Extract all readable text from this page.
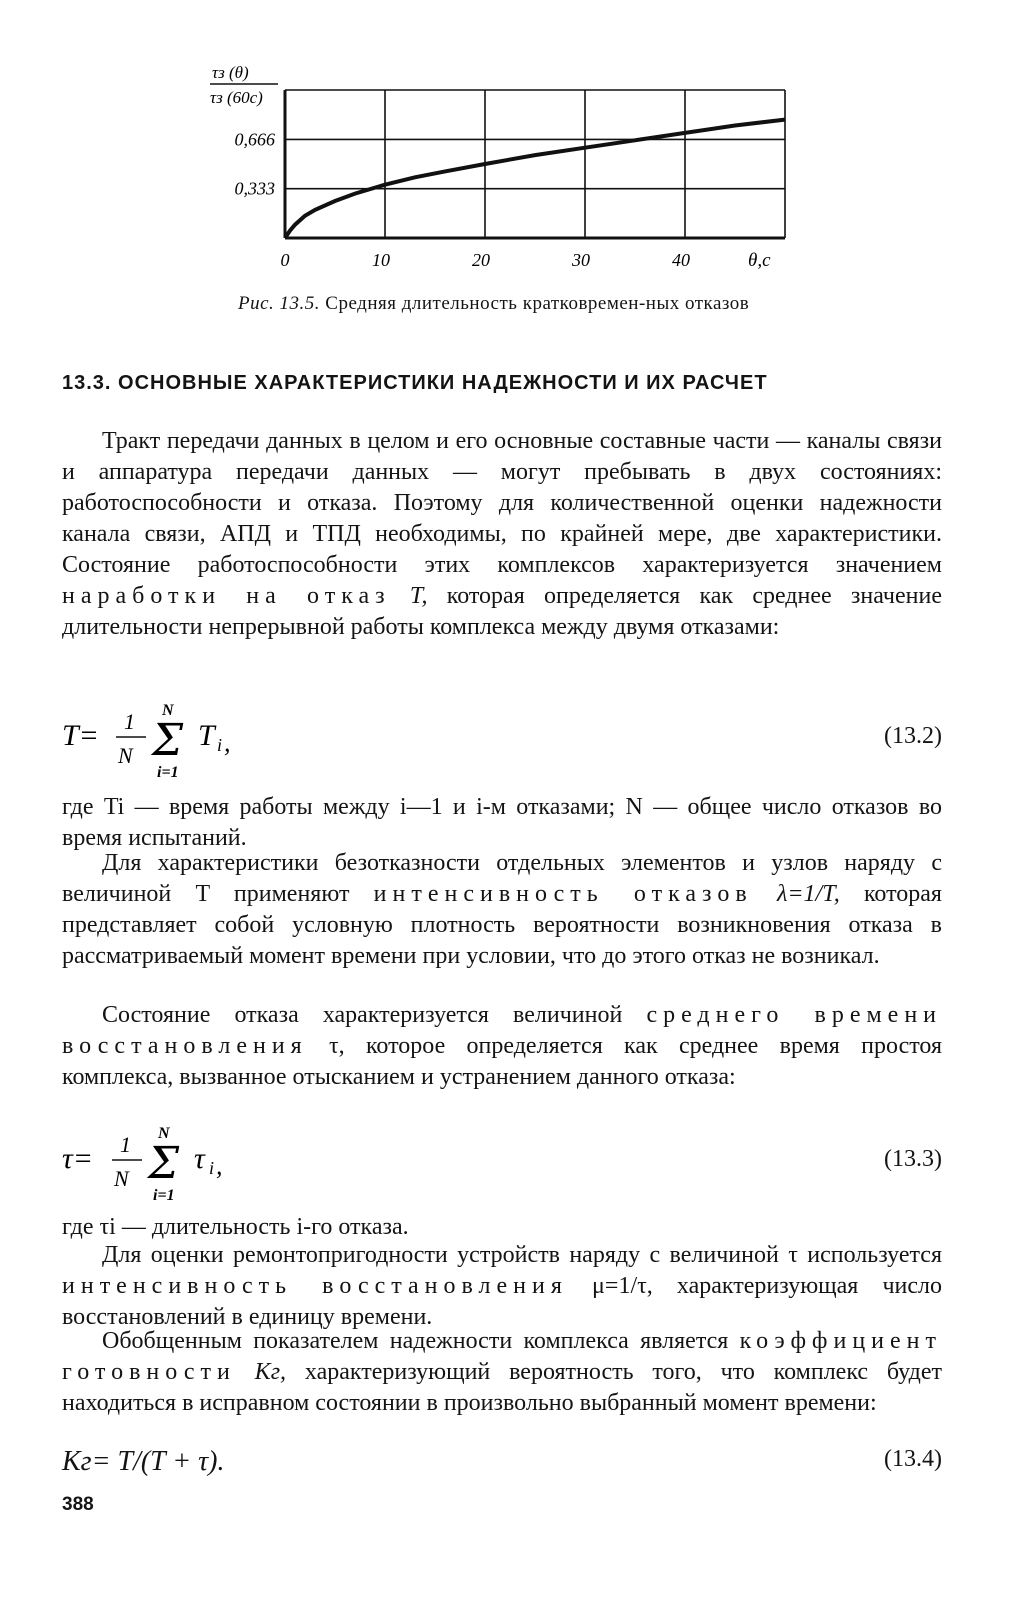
0	10	20	30	40
0,333
0,666
τз (θ)
τз (60с)
θ,с
Рис. 13.5. Средняя длительность кратковремен-ных отказов
13.3. ОСНОВНЫЕ ХАРАКТЕРИСТИКИ НАДЕЖНОСТИ И ИХ РАСЧЕТ

Тракт передачи данных в целом и его основные составные части — каналы связи и аппаратура передачи данных — могут пребывать в двух состояниях: работоспособности и отказа. Поэтому для количественной оценки надежности канала связи, АПД и ТПД необходимы, по крайней мере, две характеристики. Состояние работоспособности этих комплексов характеризуется значением наработки на отказ T, которая определяется как среднее значение длительности непрерывной работы комплекса между двумя отказами:

T= 1
N
N
Σ
i=1
T i ,	(13.2)

где Ti — время работы между i—1 и i-м отказами; N — общее число отказов во время испытаний.

Для характеристики безотказности отдельных элементов и узлов наряду с величиной T применяют интенсивность отказов λ=1/T, которая представляет собой условную плотность вероятности возникновения отказа в рассматриваемый момент времени при условии, что до этого отказ не возникал.

Состояние отказа характеризуется величиной среднего времени восстановления τ, которое определяется как среднее время простоя комплекса, вызванное отысканием и устранением данного отказа:

τ= 1
N
N
Σ
i=1
τ i ,	(13.3)

где τi — длительность i-го отказа.

Для оценки ремонтопригодности устройств наряду с величиной τ используется интенсивность восстановления μ=1/τ, характеризующая число восстановлений в единицу времени.

Обобщенным показателем надежности комплекса является коэффициент готовности Kг, характеризующий вероятность того, что комплекс будет находиться в исправном состоянии в произвольно выбранный момент времени:

Kг= T/(T + τ).	(13.4)
388
